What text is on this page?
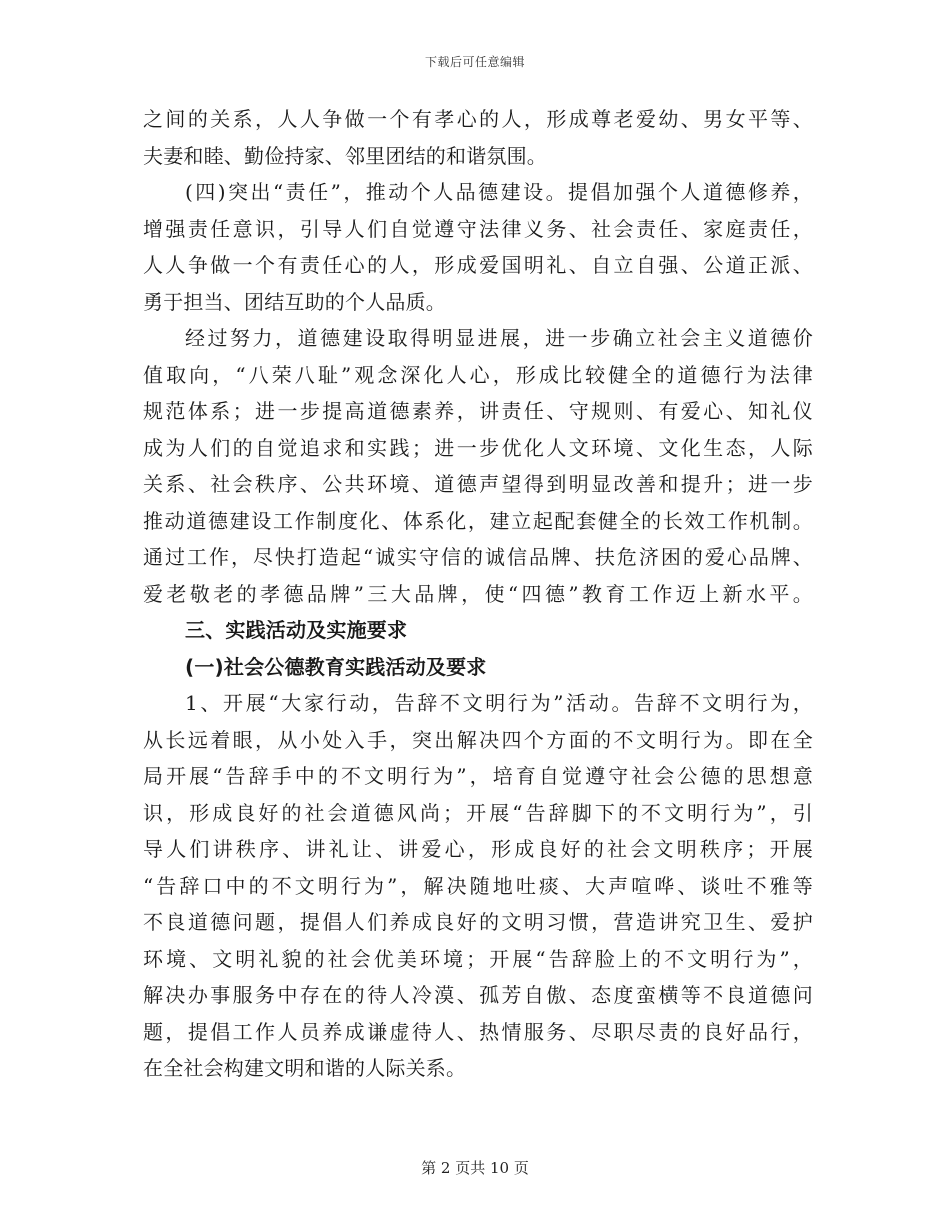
下载后可任意编辑
之间的关系，人人争做一个有孝心的人，形成尊老爱幼、男女平等、
夫妻和睦、勤俭持家、邻里团结的和谐氛围。
(四)突出“责任”，推动个人品德建设。提倡加强个人道德修养，
增强责任意识，引导人们自觉遵守法律义务、社会责任、家庭责任，
人人争做一个有责任心的人，形成爱国明礼、自立自强、公道正派、
勇于担当、团结互助的个人品质。
经过努力，道德建设取得明显进展，进一步确立社会主义道德价
值取向，“八荣八耻”观念深化人心，形成比较健全的道德行为法律
规范体系；进一步提高道德素养，讲责任、守规则、有爱心、知礼仪
成为人们的自觉追求和实践；进一步优化人文环境、文化生态，人际
关系、社会秩序、公共环境、道德声望得到明显改善和提升；进一步
推动道德建设工作制度化、体系化，建立起配套健全的长效工作机制。
通过工作，尽快打造起“诚实守信的诚信品牌、扶危济困的爱心品牌、
爱老敬老的孝德品牌”三大品牌，使“四德”教育工作迈上新水平。
三、实践活动及实施要求
(一)社会公德教育实践活动及要求
1、开展“大家行动，告辞不文明行为”活动。告辞不文明行为，
从长远着眼，从小处入手，突出解决四个方面的不文明行为。即在全
局开展“告辞手中的不文明行为”，培育自觉遵守社会公德的思想意
识，形成良好的社会道德风尚；开展“告辞脚下的不文明行为”，引
导人们讲秩序、讲礼让、讲爱心，形成良好的社会文明秩序；开展
“告辞口中的不文明行为”，解决随地吐痰、大声喧哗、谈吐不雅等
不良道德问题，提倡人们养成良好的文明习惯，营造讲究卫生、爱护
环境、文明礼貌的社会优美环境；开展“告辞脸上的不文明行为”，
解决办事服务中存在的待人冷漠、孤芳自傲、态度蛮横等不良道德问
题，提倡工作人员养成谦虚待人、热情服务、尽职尽责的良好品行，
在全社会构建文明和谐的人际关系。
第 2 页共 10 页
